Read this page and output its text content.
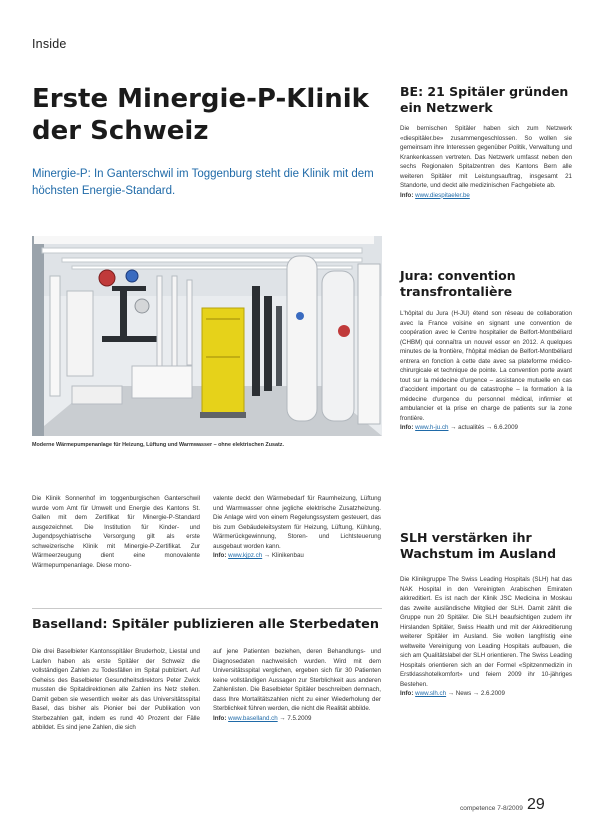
Inside
Erste Minergie-P-Klinik
der Schweiz
Minergie-P: In Ganterschwil im Toggenburg steht die Klinik mit dem höchsten Energie-Standard.
Moderne Wärmepumpenanlage für Heizung, Lüftung und Warmwasser – ohne elektrischen Zusatz.

Die Klinik Sonnenhof im toggenburgischen Ganterschwil wurde vom Amt für Umwelt und Energie des Kantons St. Gallen mit dem Zertifikat für Minergie-P-Standard ausgezeichnet. Die Institution für Kinder- und Jugendpsychiatrische Versorgung gilt als erste schweizerische Klinik mit Minergie-P-Zertifikat. Zur Wärmeerzeugung dient eine monovalente Wärmepumpenanlage. Diese mono-

valente deckt den Wärmebedarf für Raumheizung, Lüftung und Warmwasser ohne jegliche elektrische Zusatzheizung. Die Anlage wird von einem Regelungssystem gesteuert, das bis zum Gebäudeleitsystem für Heizung, Lüftung, Kühlung, Wärmerückgewinnung, Storen- und Lichtsteuerung ausgebaut worden kann.

Info: www.kjpz.ch → Klinikenbau

Baselland: Spitäler publizieren alle Sterbedaten

Die drei Baselbieter Kantonsspitäler Bruderholz, Liestal und Laufen haben als erste Spitäler der Schweiz die vollständigen Zahlen zu Todesfällen im Spital publiziert. Auf Geheiss des Baselbieter Gesundheitsdirektors Peter Zwick mussten die Spitaldirektionen alle Zahlen ins Netz stellen. Damit geben sie wesentlich weiter als das Universitätsspital Basel, das bisher als Pionier bei der Publikation von Sterbezahlen galt, indem es rund 40 Prozent der Fälle abbildet. Es sind jene Zahlen, die sich

auf jene Patienten beziehen, deren Behandlungs- und Diagnosedaten nachweislich wurden. Wird mit dem Universitätsspital verglichen, ergeben sich für 30 Patienten keine vollständigen Aussagen zur Sterblichkeit aus anderen Zahlenlisten. Die Baselbieter Spitäler beschreiben demnach, dass Ihre Mortalitätszahlen nicht zu einer Wiederholung der Sterblichkeit führen werden, die nicht die Realität abbilde.

Info: www.baselland.ch → 7.5.2009

BE: 21 Spitäler gründen
ein Netzwerk

Die bernischen Spitäler haben sich zum Netzwerk «diespitäler.be» zusammengeschlossen. So wollen sie gemeinsam ihre Interessen gegenüber Politik, Verwaltung und Krankenkassen vertreten. Das Netzwerk umfasst neben den sechs Regionalen Spitalzentren des Kantons Bern alle weiteren Spitäler mit Leistungsauftrag, insgesamt 21 Standorte, und deckt alle medizinischen Fachgebiete ab.

Info: www.diespitaeler.be

Jura: convention
transfrontalière

L'hôpital du Jura (H-JU) étend son réseau de collaboration avec la France voisine en signant une convention de coopération avec le Centre hospitalier de Belfort-Montbéliard (CHBM) qui connaîtra un nouvel essor en 2012. A quelques minutes de la frontière, l'hôpital médian de Belfort-Montbéliard entrera en fonction à cette date avec sa plateforme médico-chirurgicale et technique de pointe. La convention porte avant tout sur la médecine d'urgence – assistance mutuelle en cas d'accident important ou de catastrophe – la formation à la médecine d'urgence du personnel médical, infirmier et ambulancier et la prise en charge de patients sur la zone frontière.

Info: www.h-ju.ch → actualités → 6.6.2009

SLH verstärken ihr
Wachstum im Ausland

Die Klinikgruppe The Swiss Leading Hospitals (SLH) hat das NAK Hospital in den Vereinigten Arabischen Emiraten akkreditiert. Es ist nach der Klinik JSC Medicina in Moskau das zweite ausländische Mitglied der SLH. Damit zählt die Gruppe nun 20 Spitäler. Die SLH beaufsichtigen zudem ihr Hirslanden Spitäler, Swiss Health und mit der Akkreditierung weiterer Spitäler im Ausland. Sie wollen langfristig eine weltweite Vereinigung von Leading Hospitals aufbauen, die sich am Qualitätslabel der SLH orientieren. The Swiss Leading Hospitals orientieren sich an der Formel «Spitzenmedizin in Erstklasshotelkomfort» und feiern 2009 ihr 10-jähriges Bestehen.

Info: www.slh.ch → News → 2.6.2009

competence 7-8/2009 29
